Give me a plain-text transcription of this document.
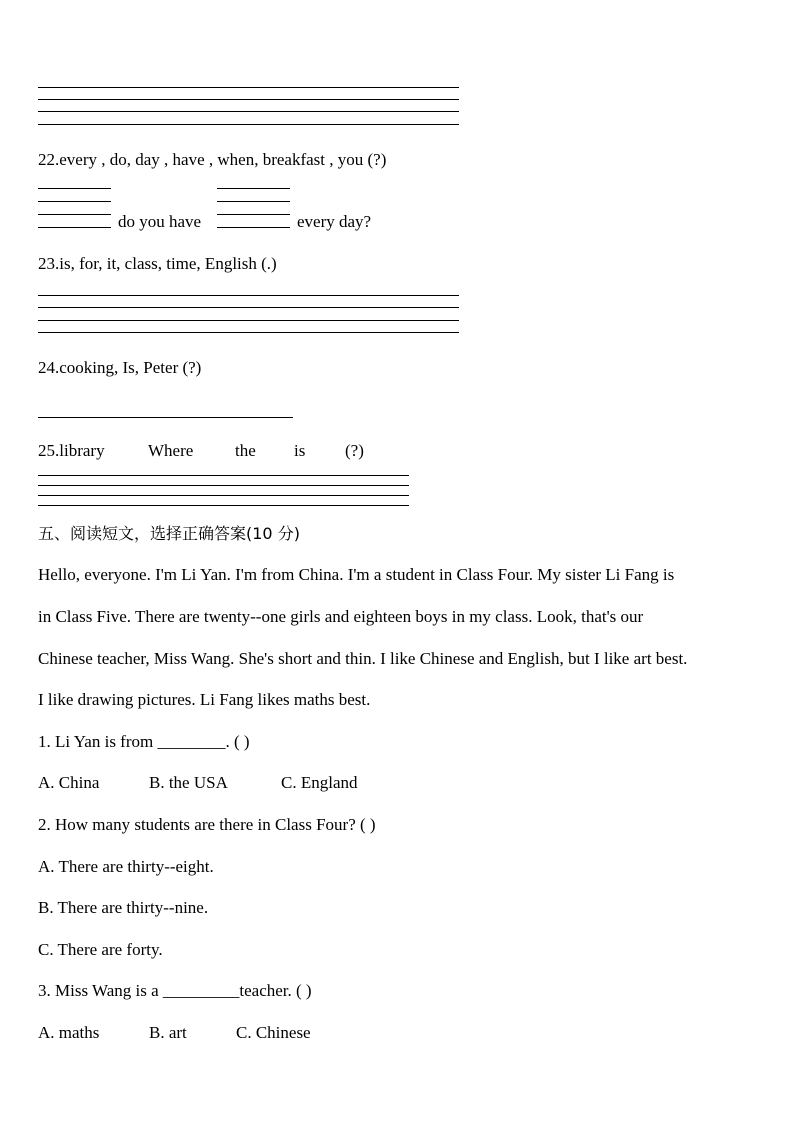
22.every , do, day , have , when, breakfast , you (?)
do you have	every day?
23.is, for, it, class, time, English (.)
24.cooking, Is, Peter (?)
25.library	Where the is (?)
五、阅读短文，选择正确答案(10 分)
Hello, everyone. I'm Li Yan. I'm from China. I'm a student in Class Four. My sister Li Fang is
in Class Five. There are twenty--one girls and eighteen boys in my class. Look, that's our
Chinese teacher, Miss Wang. She's short and thin. I like Chinese and English, but I like art best.
I like drawing pictures. Li Fang likes maths best.
1. Li Yan is from ________. ( )
A. China	B. the USA	C. England
2. How many students are there in Class Four? ( )
A. There are thirty--eight.
B. There are thirty--nine.
C. There are forty.
3. Miss Wang is a _________teacher. ( )
A. maths	B. art	C. Chinese
